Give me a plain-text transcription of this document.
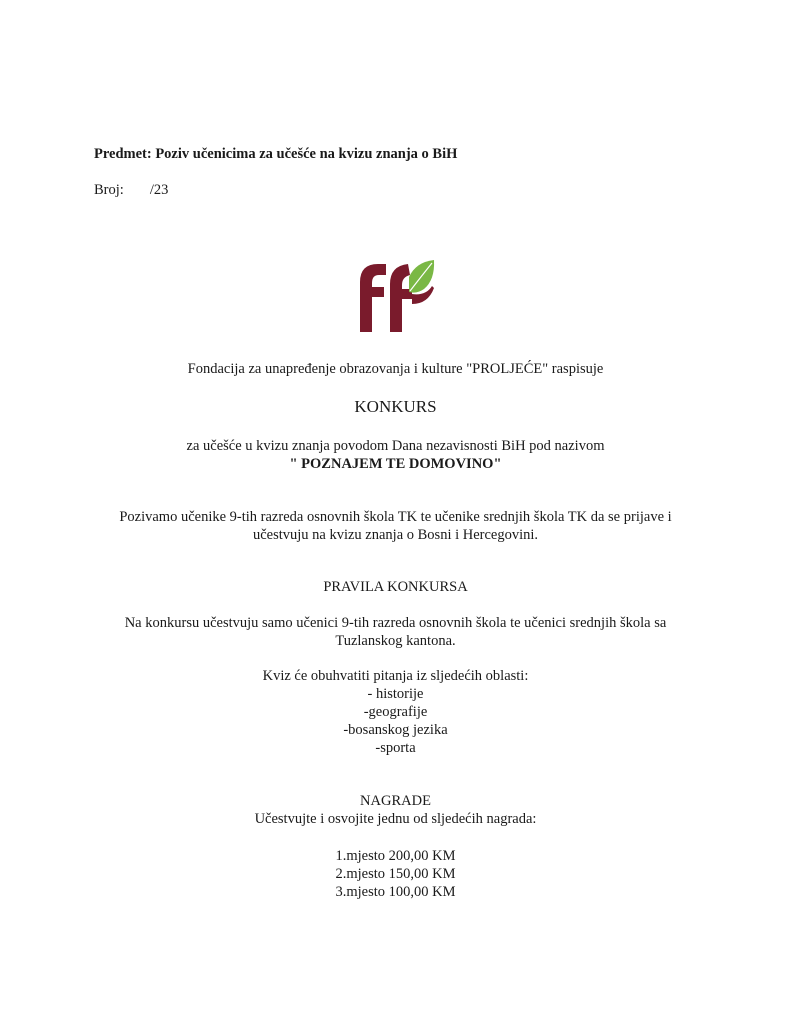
Predmet: Poziv učenicima za učešće na kvizu znanja o BiH
Broj: /23
Fondacija za unapređenje obrazovanja i kulture "PROLJEĆE" raspisuje
KONKURS
za učešće u kvizu znanja povodom Dana nezavisnosti BiH pod nazivom
" POZNAJEM TE DOMOVINO"
Pozivamo učenike 9-tih razreda osnovnih škola TK te učenike srednjih škola TK da se prijave i
učestvuju na kvizu znanja o Bosni i Hercegovini.
PRAVILA KONKURSA
Na konkursu učestvuju samo učenici 9-tih razreda osnovnih škola te učenici srednjih škola sa
Tuzlanskog kantona.
Kviz će obuhvatiti pitanja iz sljedećih oblasti:
- historije
-geografije
-bosanskog jezika
-sporta
NAGRADE
Učestvujte i osvojite jednu od sljedećih nagrada:
1.mjesto 200,00 KM
2.mjesto 150,00 KM
3.mjesto 100,00 KM
